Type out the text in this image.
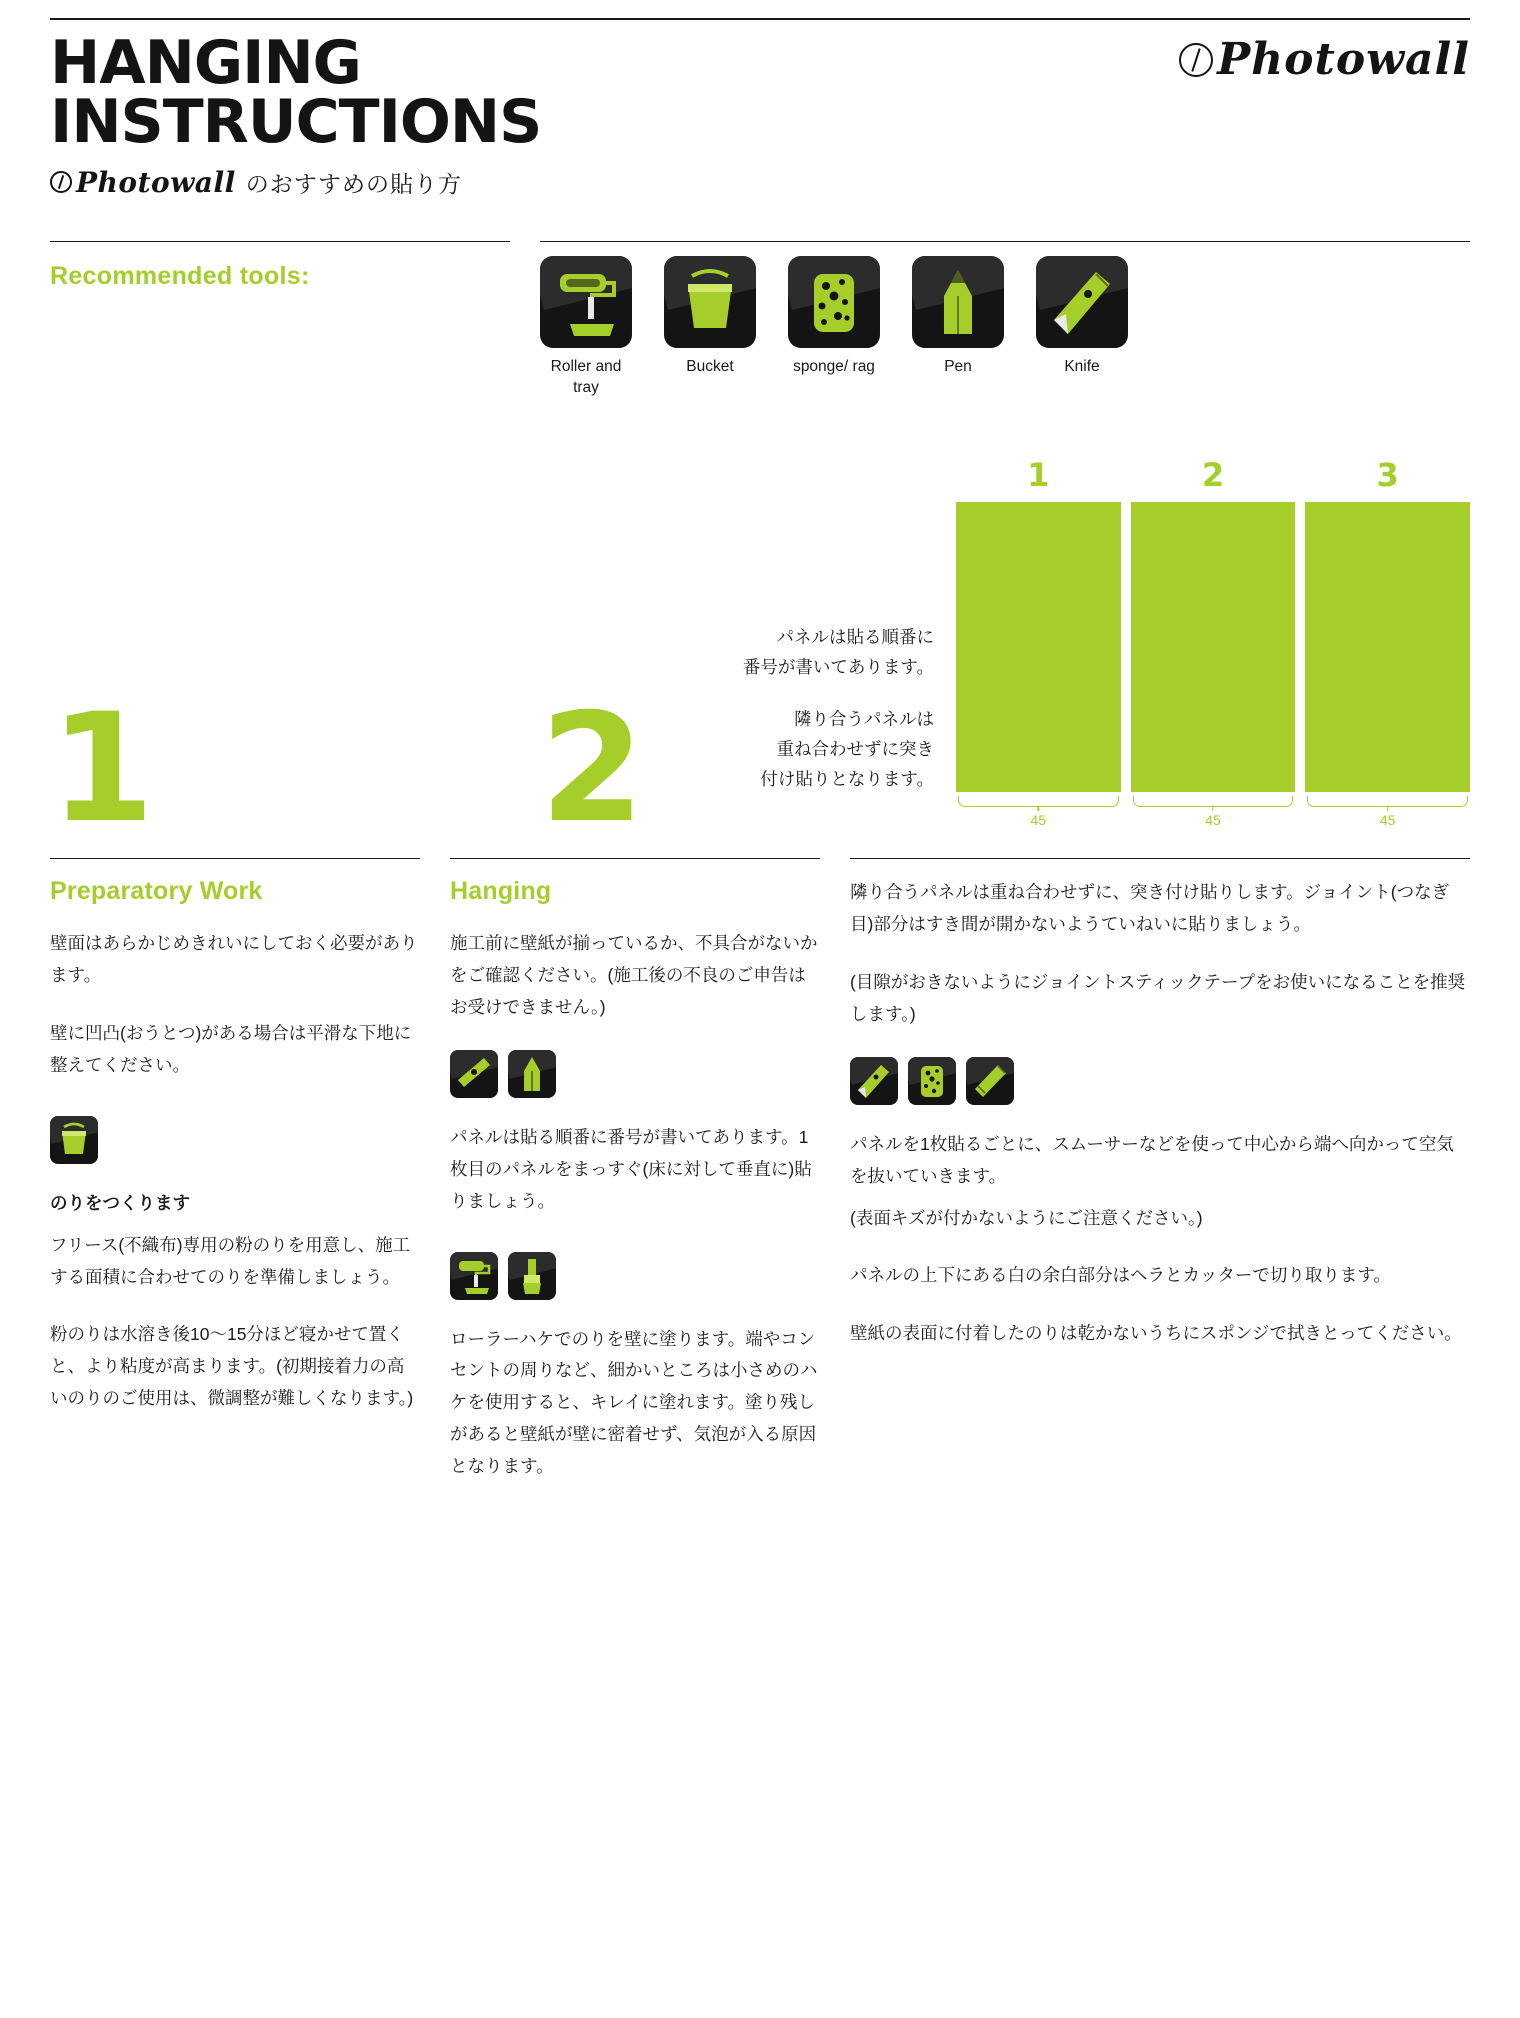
HANGING
INSTRUCTIONS
Photowall のおすすめの貼り方
Photowall
Recommended tools:
Roller and tray
Bucket	sponge/ rag	Pen	Knife
1	2

パネルは貼る順番に
番号が書いてあります。

隣り合うパネルは
重ね合わせずに突き
付け貼りとなります。

1	2	3
45	45	45
Preparatory Work

壁面はあらかじめきれいにしておく必要があります。

壁に凹凸(おうとつ)がある場合は平滑な下地に整えてください。

のりをつくります

フリース(不織布)専用の粉のりを用意し、施工する面積に合わせてのりを準備しましょう。

粉のりは水溶き後10〜15分ほど寝かせて置くと、より粘度が高まります。(初期接着力の高いのりのご使用は、微調整が難しくなります。)

Hanging

施工前に壁紙が揃っているか、不具合がないかをご確認ください。(施工後の不良のご申告はお受けできません。)

パネルは貼る順番に番号が書いてあります。1枚目のパネルをまっすぐ(床に対して垂直に)貼りましょう。

ローラーハケでのりを壁に塗ります。端やコンセントの周りなど、細かいところは小さめのハケを使用すると、キレイに塗れます。塗り残しがあると壁紙が壁に密着せず、気泡が入る原因となります。

隣り合うパネルは重ね合わせずに、突き付け貼りします。ジョイント(つなぎ目)部分はすき間が開かないようていねいに貼りましょう。

(目隙がおきないようにジョイントスティックテープをお使いになることを推奨します。)

パネルを1枚貼るごとに、スムーサーなどを使って中心から端へ向かって空気を抜いていきます。

(表面キズが付かないようにご注意ください。)

パネルの上下にある白の余白部分はヘラとカッターで切り取ります。

壁紙の表面に付着したのりは乾かないうちにスポンジで拭きとってください。
